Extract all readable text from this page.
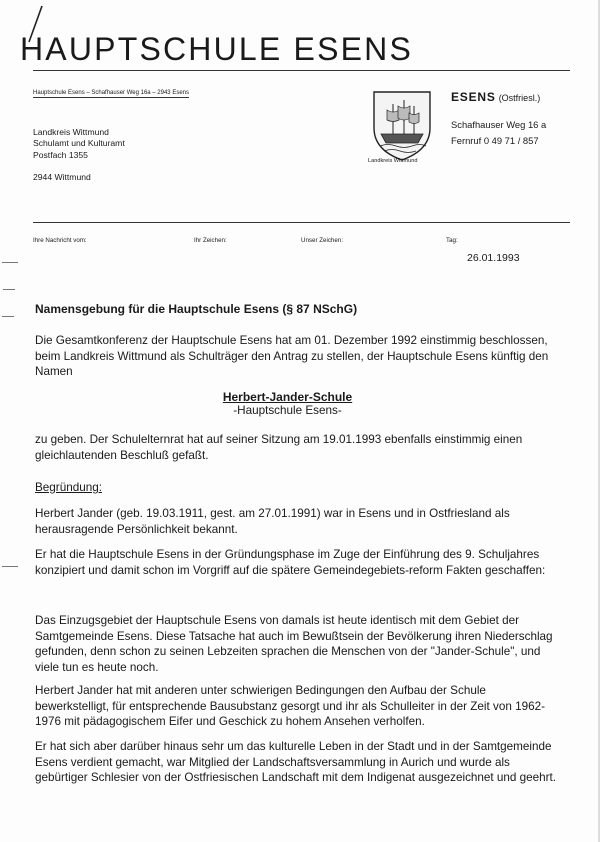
HAUPTSCHULE ESENS
Hauptschule Esens – Schafhauser Weg 16a – 2943 Esens
Landkreis Wittmund
Schulamt und Kulturamt
Postfach 1355
2944 Wittmund
Landkreis Wittmund
ESENS (Ostfriesl.)
Schafhauser Weg 16 a
Fernruf 0 49 71 / 857
Ihre Nachricht vom:	Ihr Zeichen:	Unser Zeichen:	Tag:
26.01.1993
Namensgebung für die Hauptschule Esens (§ 87 NSchG)

Die Gesamtkonferenz der Hauptschule Esens hat am 01. Dezember 1992 einstimmig beschlossen, beim Landkreis Wittmund als Schulträger den Antrag zu stellen, der Hauptschule Esens künftig den Namen

Herbert-Jander-Schule
-Hauptschule Esens-

zu geben. Der Schulelternrat hat auf seiner Sitzung am 19.01.1993 ebenfalls einstimmig einen gleichlautenden Beschluß gefaßt.

Begründung:

Herbert Jander (geb. 19.03.1911, gest. am 27.01.1991) war in Esens und in Ostfriesland als herausragende Persönlichkeit bekannt.

Er hat die Hauptschule Esens in der Gründungsphase im Zuge der Einführung des 9. Schuljahres konzipiert und damit schon im Vorgriff auf die spätere Gemeindegebiets-reform Fakten geschaffen:

Das Einzugsgebiet der Hauptschule Esens von damals ist heute identisch mit dem Gebiet der Samtgemeinde Esens. Diese Tatsache hat auch im Bewußtsein der Bevölkerung ihren Niederschlag gefunden, denn schon zu seinen Lebzeiten sprachen die Menschen von der "Jander-Schule", und viele tun es heute noch.

Herbert Jander hat mit anderen unter schwierigen Bedingungen den Aufbau der Schule bewerkstelligt, für entsprechende Bausubstanz gesorgt und ihr als Schulleiter in der Zeit von 1962-1976 mit pädagogischem Eifer und Geschick zu hohem Ansehen verholfen.

Er hat sich aber darüber hinaus sehr um das kulturelle Leben in der Stadt und in der Samtgemeinde Esens verdient gemacht, war Mitglied der Landschaftsversammlung in Aurich und wurde als gebürtiger Schlesier von der Ostfriesischen Landschaft mit dem Indigenat ausgezeichnet und geehrt.
